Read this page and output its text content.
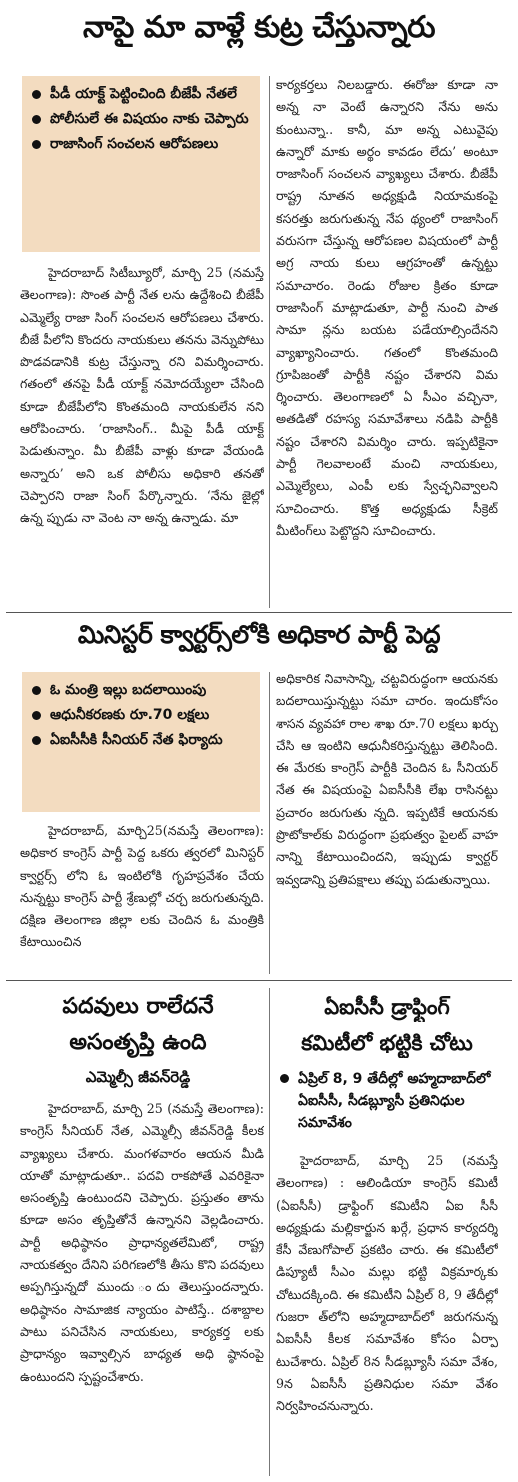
నాపై మా వాళ్లే కుట్ర చేస్తున్నారు
పీడీ యాక్ట్ పెట్టించింది బీజేపీ నేతలే
పోలీసులే ఈ విషయం నాకు చెప్పారు
రాజాసింగ్ సంచలన ఆరోపణలు
హైదరాబాద్ సిటీబ్యూరో, మార్చి 25 (నమస్తే తెలంగాణ): సొంత పార్టీ నేత లను ఉద్దేశించి బీజేపీ ఎమ్మెల్యే రాజా సింగ్ సంచలన ఆరోపణలు చేశారు. బీజే పీలోని కొందరు నాయకులు తనను వెన్నుపోటు పొడవడానికి కుట్ర చేస్తున్నా రని విమర్శించారు. గతంలో తనపై పీడీ యాక్ట్ నమోదయ్యేలా చేసింది కూడా బీజేపీలోని కొంతమంది నాయకులేన నని ఆరోపించారు. ‘రాజాసింగ్.. మీపై పీడీ యాక్ట్ పెడుతున్నాం. మీ బీజేపీ వాళ్లు కూడా వేయండి అన్నారు’ అని ఒక పోలీసు అధికారి తనతో చెప్పారని రాజా సింగ్ పేర్కొన్నారు. ‘నేను జైల్లో ఉన్న ప్పుడు నా వెంట నా అన్న ఉన్నాడు. మా
కార్యకర్తలు నిలబడ్డారు. ఈరోజు కూడా నా అన్న నా వెంటే ఉన్నారని నేను అను కుంటున్నా.. కానీ, మా అన్న ఎటువైపు ఉన్నారో మాకు అర్థం కావడం లేదు’ అంటూ రాజాసింగ్ సంచలన వ్యాఖ్యలు చేశారు. బీజేపీ రాష్ట్ర నూతన అధ్యక్షుడి నియామకంపై కసరత్తు జరుగుతున్న నేప థ్యంలో రాజాసింగ్ వరుసగా చేస్తున్న ఆరోపణల విషయంలో పార్టీ అగ్ర నాయ కులు ఆగ్రహంతో ఉన్నట్టు సమాచారం. రెండు రోజుల క్రితం కూడా రాజాసింగ్ మాట్లాడుతూ, పార్టీ నుంచి పాత సామా న్లను బయట పడేయాల్సిందేనని వ్యాఖ్యానించారు. గతంలో కొంతమంది గ్రూపిజంతో పార్టీకి నష్టం చేశారని విమ ర్శించారు. తెలంగాణలో ఏ సీఎం వచ్చినా, అతడితో రహస్య సమావేశాలు నడిపి పార్టీకి నష్టం చేశారని విమర్శిం చారు. ఇప్పటికైనా పార్టీ గెలవాలంటే మంచి నాయకులు, ఎమ్మెల్యేలు, ఎంపీ లకు స్వేచ్ఛనివ్వాలని సూచించారు. కొత్త అధ్యక్షుడు సీక్రెట్ మీటింగ్‌లు పెట్టొద్దని సూచించారు.
మినిస్టర్ క్వార్టర్స్‌లోకి అధికార పార్టీ పెద్ద
ఓ మంత్రి ఇల్లు బదలాయింపు
ఆధునీకరణకు రూ.70 లక్షలు
ఏఐసీసీకి సీనియర్ నేత ఫిర్యాదు
హైదరాబాద్, మార్చి25(నమస్తే తెలంగాణ): అధికార కాంగ్రెస్ పార్టీ పెద్ద ఒకరు త్వరలో మినిస్టర్ క్వార్టర్స్ లోని ఓ ఇంటిలోకి గృహప్రవేశం చేయ నున్నట్టు కాంగ్రెస్ పార్టీ శ్రేణుల్లో చర్చ జరుగుతున్నది. దక్షిణ తెలంగాణ జిల్లా లకు చెందిన ఓ మంత్రికి కేటాయించిన
అధికారిక నివాసాన్ని, చట్టవిరుద్ధంగా ఆయనకు బదలాయిస్తున్నట్టు సమా చారం. ఇందుకోసం శాసన వ్యవహా రాల శాఖ రూ.70 లక్షలు ఖర్చు చేసి ఆ ఇంటిని ఆధునీకరిస్తున్నట్టు తెలిసింది. ఈ మేరకు కాంగ్రెస్ పార్టీకి చెందిన ఓ సీనియర్ నేత ఈ విషయంపై ఏఐసీసీకి లేఖ రాసినట్టు ప్రచారం జరుగుతు న్నది. ఇప్పటికే ఆయనకు ప్రొటోకాల్‌కు విరుద్ధంగా ప్రభుత్వం పైలట్ వాహ నాన్ని కేటాయించిందని, ఇప్పుడు క్వార్టర్ ఇవ్వడాన్ని ప్రతిపక్షాలు తప్పు పడుతున్నాయి.
పదవులు రాలేదనే
అసంతృప్తి ఉంది
ఎమ్మెల్సీ జీవన్‌రెడ్డి
హైదరాబాద్, మార్చి 25 (నమస్తే తెలంగాణ): కాంగ్రెస్ సీనియర్ నేత, ఎమ్మెల్సీ జీవన్‌రెడ్డి కీలక వ్యాఖ్యలు చేశారు. మంగళవారం ఆయన మీడి యాతో మాట్లాడుతూ.. పదవి రాకపోతే ఎవరికైనా అసంతృప్తి ఉంటుందని చెప్పారు. ప్రస్తుతం తాను కూడా అసం తృప్తితోనే ఉన్నానని వెల్లడించారు. పార్టీ అధిష్ఠానం ప్రాధాన్యతలేమిటో, రాష్ట్ర నాయకత్వం దేనిని పరిగణలోకి తీసు కొని పదవులు అప్పగిస్తున్నదో ముందు ందు తెలుస్తుందన్నారు. అధిష్ఠానం సామాజిక న్యాయం పాటిస్తే.. దశాబ్దాల పాటు పనిచేసిన నాయకులు, కార్యకర్త లకు ప్రాధాన్యం ఇవ్వాల్సిన బాధ్యత అధి ష్ఠానంపై ఉంటుందని స్పష్టంచేశారు.
ఏఐసీసీ డ్రాఫ్టింగ్
కమిటీలో భట్టికి చోటు
ఏప్రిల్ 8, 9 తేదీల్లో అహ్మదాబాద్‌లో ఏఐసీసీ, సీడబ్ల్యూసీ ప్రతినిధుల సమావేశం
హైదరాబాద్, మార్చి 25 (నమస్తే తెలంగాణ) : ఆలిండియా కాంగ్రెస్ కమిటీ (ఏఐసీసీ) డ్రాఫ్టింగ్ కమిటీని ఏఐ సీసీ అధ్యక్షుడు మల్లికార్జున ఖర్గే, ప్రధాన కార్యదర్శి కేసీ వేణుగోపాల్ ప్రకటిం చారు. ఈ కమిటీలో డిప్యూటీ సీఎం మల్లు భట్టి విక్రమార్కకు చోటుదక్కింది. ఈ కమిటీని ఏప్రిల్ 8, 9 తేదీల్లో గుజరా త్‌లోని అహ్మదాబాద్‌లో జరుగనున్న ఏఐసీసీ కీలక సమావేశం కోసం ఏర్పా టుచేశారు. ఏప్రిల్ 8న సీడబ్ల్యూసీ సమా వేశం, 9న ఏఐసీసీ ప్రతినిధుల సమా వేశం నిర్వహించనున్నారు.
